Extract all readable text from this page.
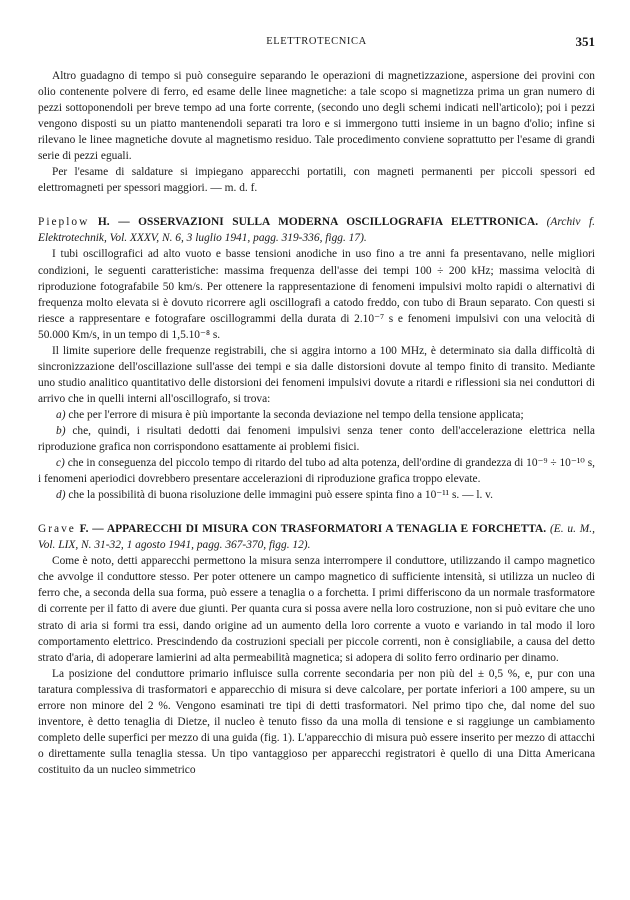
ELETTROTECNICA	351

Altro guadagno di tempo si può conseguire separando le operazioni di magnetizzazione, aspersione dei provini con olio contenente polvere di ferro, ed esame delle linee magnetiche: a tale scopo si magnetizza prima un gran numero di pezzi sottoponendoli per breve tempo ad una forte corrente, (secondo uno degli schemi indicati nell'articolo); poi i pezzi vengono disposti su un piatto mantenendoli separati tra loro e si immergono tutti insieme in un bagno d'olio; infine si rilevano le linee magnetiche dovute al magnetismo residuo. Tale procedimento conviene soprattutto per l'esame di grandi serie di pezzi eguali.

Per l'esame di saldature si impiegano apparecchi portatili, con magneti permanenti per piccoli spessori ed elettromagneti per spessori maggiori. — m. d. f.

Pieplow H. — OSSERVAZIONI SULLA MODERNA OSCILLOGRAFIA ELETTRONICA. (Archiv f. Elektrotechnik, Vol. XXXV, N. 6, 3 luglio 1941, pagg. 319-336, figg. 17).

I tubi oscillografici ad alto vuoto e basse tensioni anodiche in uso fino a tre anni fa presentavano, nelle migliori condizioni, le seguenti caratteristiche: massima frequenza dell'asse dei tempi 100 ÷ 200 kHz; massima velocità di riproduzione fotografabile 50 km/s. Per ottenere la rappresentazione di fenomeni impulsivi molto rapidi o alternativi di frequenza molto elevata si è dovuto ricorrere agli oscillografi a catodo freddo, con tubo di Braun separato. Con questi si riesce a rappresentare e fotografare oscillogrammi della durata di 2.10⁻⁷ s e fenomeni impulsivi con una velocità di 50.000 Km/s, in un tempo di 1,5.10⁻⁸ s.

Il limite superiore delle frequenze registrabili, che si aggira intorno a 100 MHz, è determinato sia dalla difficoltà di sincronizzazione dell'oscillazione sull'asse dei tempi e sia dalle distorsioni dovute al tempo finito di transito. Mediante uno studio analitico quantitativo delle distorsioni dei fenomeni impulsivi dovute a ritardi e riflessioni sia nei conduttori di arrivo che in quelli interni all'oscillografo, si trova:

a) che per l'errore di misura è più importante la seconda deviazione nel tempo della tensione applicata;

b) che, quindi, i risultati dedotti dai fenomeni impulsivi senza tener conto dell'accelerazione elettrica nella riproduzione grafica non corrispondono esattamente ai problemi fisici.

c) che in conseguenza del piccolo tempo di ritardo del tubo ad alta potenza, dell'ordine di grandezza di 10⁻⁹ ÷ 10⁻¹⁰ s, i fenomeni aperiodici dovrebbero presentare accelerazioni di riproduzione grafica troppo elevate.

d) che la possibilità di buona risoluzione delle immagini può essere spinta fino a 10⁻¹¹ s. — l. v.

Grave F. — APPARECCHI DI MISURA CON TRASFORMATORI A TENAGLIA E FORCHETTA. (E. u. M., Vol. LIX, N. 31-32, 1 agosto 1941, pagg. 367-370, figg. 12).

Come è noto, detti apparecchi permettono la misura senza interrompere il conduttore, utilizzando il campo magnetico che avvolge il conduttore stesso. Per poter ottenere un campo magnetico di sufficiente intensità, si utilizza un nucleo di ferro che, a seconda della sua forma, può essere a tenaglia o a forchetta. I primi differiscono da un normale trasformatore di corrente per il fatto di avere due giunti. Per quanta cura si possa avere nella loro costruzione, non si può evitare che uno strato di aria si formi tra essi, dando origine ad un aumento della loro corrente a vuoto e variando in tal modo il loro comportamento elettrico. Prescindendo da costruzioni speciali per piccole correnti, non è consigliabile, a causa del detto strato d'aria, di adoperare lamierini ad alta permeabilità magnetica; si adopera di solito ferro ordinario per dinamo.

La posizione del conduttore primario influisce sulla corrente secondaria per non più del ± 0,5 %, e, pur con una taratura complessiva di trasformatori e apparecchio di misura si deve calcolare, per portate inferiori a 100 ampere, su un errore non minore del 2 %. Vengono esaminati tre tipi di detti trasformatori. Nel primo tipo che, dal nome del suo inventore, è detto tenaglia di Dietze, il nucleo è tenuto fisso da una molla di tensione e si raggiunge un cambiamento completo delle superfici per mezzo di una guida (fig. 1). L'apparecchio di misura può essere inserito per mezzo di attacchi o direttamente sulla tenaglia stessa. Un tipo vantaggioso per apparecchi registratori è quello di una Ditta Americana costituito da un nucleo simmetrico
